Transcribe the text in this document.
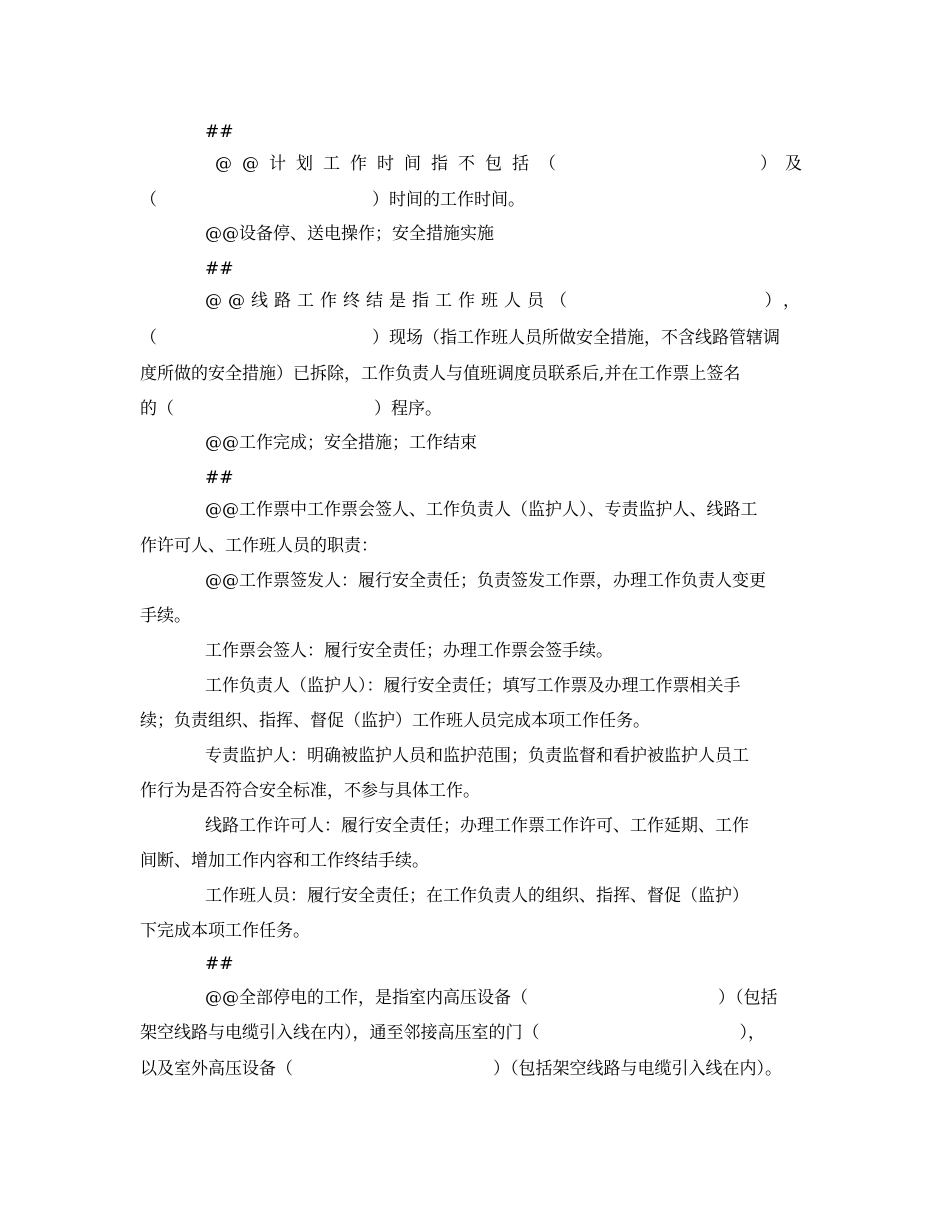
##
@@计划工作时间指不包括（	）及
（	）时间的工作时间。
@@设备停、送电操作；安全措施实施
##
@@线路工作终结是指工作班人员（	），
（	）现场（指工作班人员所做安全措施，不含线路管辖调
度所做的安全措施）已拆除，工作负责人与值班调度员联系后,并在工作票上签名
的（	）程序。
@@工作完成；安全措施；工作结束
##
@@工作票中工作票会签人、工作负责人（监护人）、专责监护人、线路工
作许可人、工作班人员的职责：
@@工作票签发人：履行安全责任；负责签发工作票，办理工作负责人变更
手续。
工作票会签人：履行安全责任；办理工作票会签手续。
工作负责人（监护人）：履行安全责任；填写工作票及办理工作票相关手
续；负责组织、指挥、督促（监护）工作班人员完成本项工作任务。
专责监护人：明确被监护人员和监护范围；负责监督和看护被监护人员工
作行为是否符合安全标准，不参与具体工作。
线路工作许可人：履行安全责任；办理工作票工作许可、工作延期、工作
间断、增加工作内容和工作终结手续。
工作班人员：履行安全责任；在工作负责人的组织、指挥、督促（监护）
下完成本项工作任务。
##
@@全部停电的工作，是指室内高压设备（	）（包括
架空线路与电缆引入线在内），通至邻接高压室的门（	），
以及室外高压设备（	）（包括架空线路与电缆引入线在内）。
